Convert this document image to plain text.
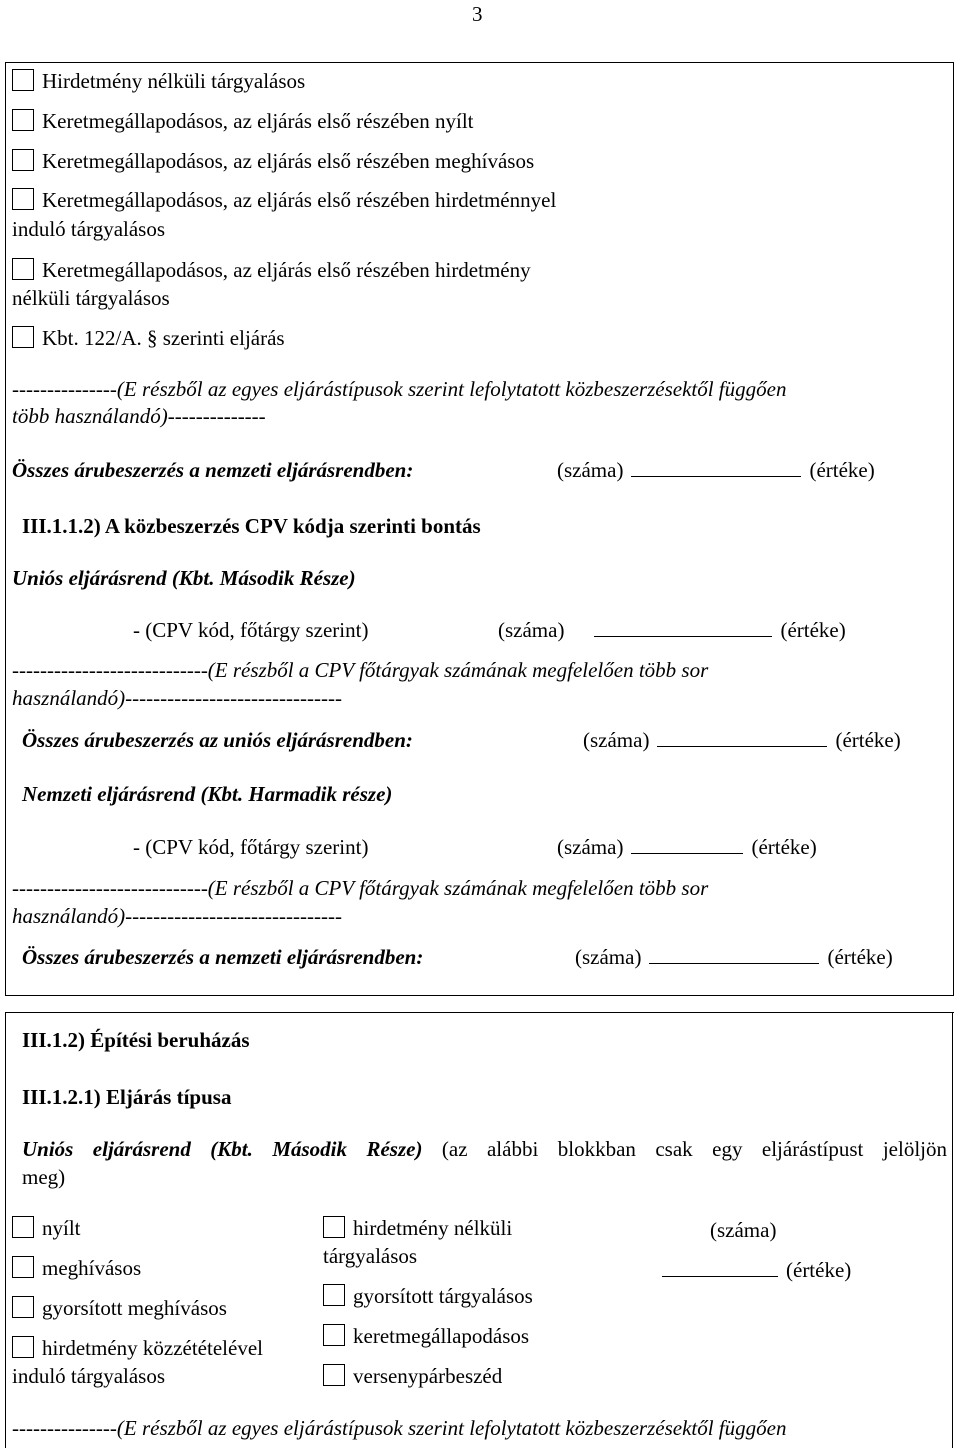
3
Hirdetmény nélküli tárgyalásos
Keretmegállapodásos, az eljárás első részében nyílt
Keretmegállapodásos, az eljárás első részében meghívásos
Keretmegállapodásos, az eljárás első részében hirdetménnyel
induló tárgyalásos
Keretmegállapodásos, az eljárás első részében hirdetmény
nélküli tárgyalásos
Kbt. 122/A. § szerinti eljárás
---------------(E részből az egyes eljárástípusok szerint lefolytatott közbeszerzésektől függően
több használandó)--------------
Összes árubeszerzés a nemzeti eljárásrendben:	(száma)	(értéke)
III.1.1.2) A közbeszerzés CPV kódja szerinti bontás
Uniós eljárásrend (Kbt. Második Része)
- (CPV kód, főtárgy szerint)	(száma)	(értéke)
----------------------------(E részből a CPV főtárgyak számának megfelelően több sor
használandó)-------------------------------
Összes árubeszerzés az uniós eljárásrendben:	(száma)	(értéke)
Nemzeti eljárásrend (Kbt. Harmadik része)
- (CPV kód, főtárgy szerint)	(száma)	(értéke)
----------------------------(E részből a CPV főtárgyak számának megfelelően több sor
használandó)-------------------------------
Összes árubeszerzés a nemzeti eljárásrendben:	(száma)	(értéke)
III.1.2) Építési beruházás
III.1.2.1) Eljárás típusa
Uniós eljárásrend (Kbt. Második Része) (az alábbi blokkban csak egy eljárástípust jelöljön
meg)
nyílt
meghívásos
gyorsított meghívásos
hirdetmény közzétételével
induló tárgyalásos
hirdetmény nélküli
tárgyalásos
gyorsított tárgyalásos
keretmegállapodásos
versenypárbeszéd
(száma)
(értéke)
---------------(E részből az egyes eljárástípusok szerint lefolytatott közbeszerzésektől függően
